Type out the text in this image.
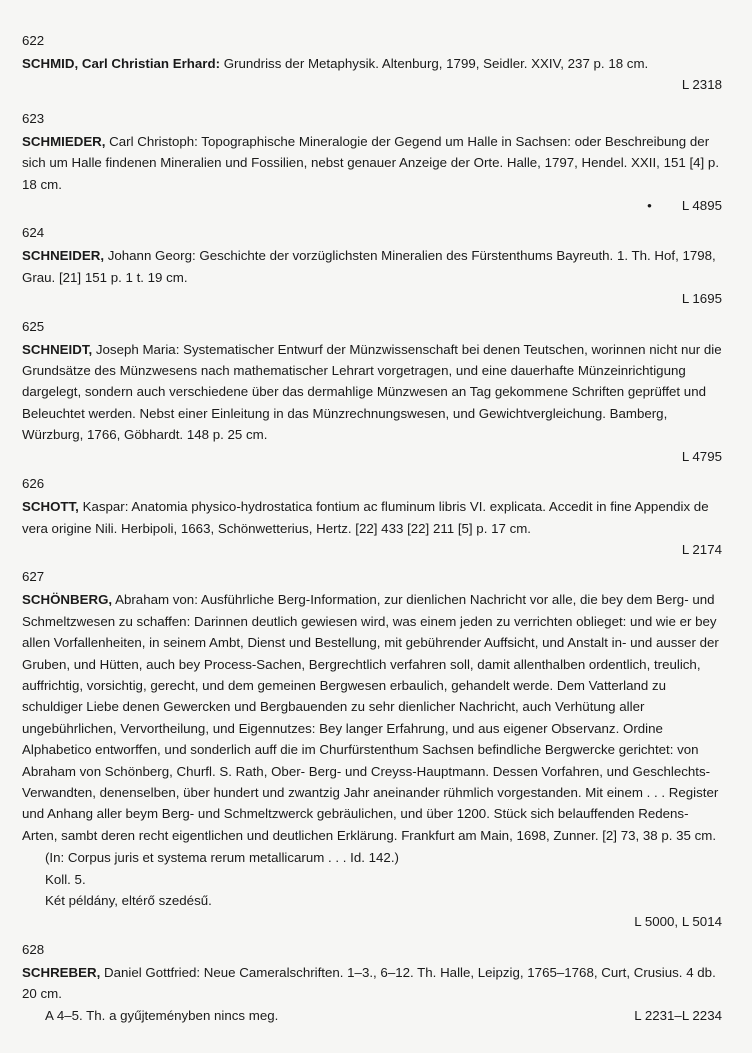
622
SCHMID, Carl Christian Erhard: Grundriss der Metaphysik. Altenburg, 1799, Seidler. XXIV, 237 p. 18 cm.
L 2318
623
SCHMIEDER, Carl Christoph: Topographische Mineralogie der Gegend um Halle in Sachsen: oder Beschreibung der sich um Halle findenen Mineralien und Fossilien, nebst genauer Anzeige der Orte. Halle, 1797, Hendel. XXII, 151 [4] p. 18 cm.
• L 4895
624
SCHNEIDER, Johann Georg: Geschichte der vorzüglichsten Mineralien des Fürstenthums Bayreuth. 1. Th. Hof, 1798, Grau. [21] 151 p. 1 t. 19 cm.
L 1695
625
SCHNEIDT, Joseph Maria: Systematischer Entwurf der Münzwissenschaft bei denen Teutschen, worinnen nicht nur die Grundsätze des Münzwesens nach mathematischer Lehrart vorgetragen, und eine dauerhafte Münzeinrichtigung dargelegt, sondern auch verschiedene über das dermahlige Münzwesen an Tag gekommene Schriften geprüffet und Beleuchtet werden. Nebst einer Einleitung in das Münzrechnungswesen, und Gewichtvergleichung. Bamberg, Würzburg, 1766, Göbhardt. 148 p. 25 cm.
L 4795
626
SCHOTT, Kaspar: Anatomia physico-hydrostatica fontium ac fluminum libris VI. explicata. Accedit in fine Appendix de vera origine Nili. Herbipoli, 1663, Schönwetterius, Hertz. [22] 433 [22] 211 [5] p. 17 cm.
L 2174
627
SCHÖNBERG, Abraham von: Ausführliche Berg-Information, zur dienlichen Nachricht vor alle, die bey dem Berg- und Schmeltzwesen zu schaffen: Darinnen deutlich gewiesen wird, was einem jeden zu verrichten oblieget: und wie er bey allen Vorfallenheiten, in seinem Ambt, Dienst und Bestellung, mit gebührender Auffsicht, und Anstalt in- und ausser der Gruben, und Hütten, auch bey Process-Sachen, Bergrechtlich verfahren soll, damit allenthalben ordentlich, treulich, auffrichtig, vorsichtig, gerecht, und dem gemeinen Bergwesen erbaulich, gehandelt werde. Dem Vatterland zu schuldiger Liebe denen Gewercken und Bergbauenden zu sehr dienlicher Nachricht, auch Verhütung aller ungebührlichen, Vervortheilung, und Eigennutzes: Bey langer Erfahrung, und aus eigener Observanz. Ordine Alphabetico entworffen, und sonderlich auff die im Churfürstenthum Sachsen befindliche Bergwercke gerichtet: von Abraham von Schönberg, Churfl. S. Rath, Ober- Berg- und Creyss-Hauptmann. Dessen Vorfahren, und Geschlechts-Verwandten, denenselben, über hundert und zwantzig Jahr aneinander rühmlich vorgestanden. Mit einem . . . Register und Anhang aller beym Berg- und Schmeltzwerck gebräulichen, und über 1200. Stück sich belauffenden Redens-Arten, sambt deren recht eigentlichen und deutlichen Erklärung. Frankfurt am Main, 1698, Zunner. [2] 73, 38 p. 35 cm.
(In: Corpus juris et systema rerum metallicarum . . . Id. 142.)
Koll. 5.
Két példány, eltérő szedésű.
L 5000, L 5014
628
SCHREBER, Daniel Gottfried: Neue Cameralschriften. 1–3., 6–12. Th. Halle, Leipzig, 1765–1768, Curt, Crusius. 4 db. 20 cm.
L 2231–L 2234
A 4–5. Th. a gyűjteményben nincs meg.
